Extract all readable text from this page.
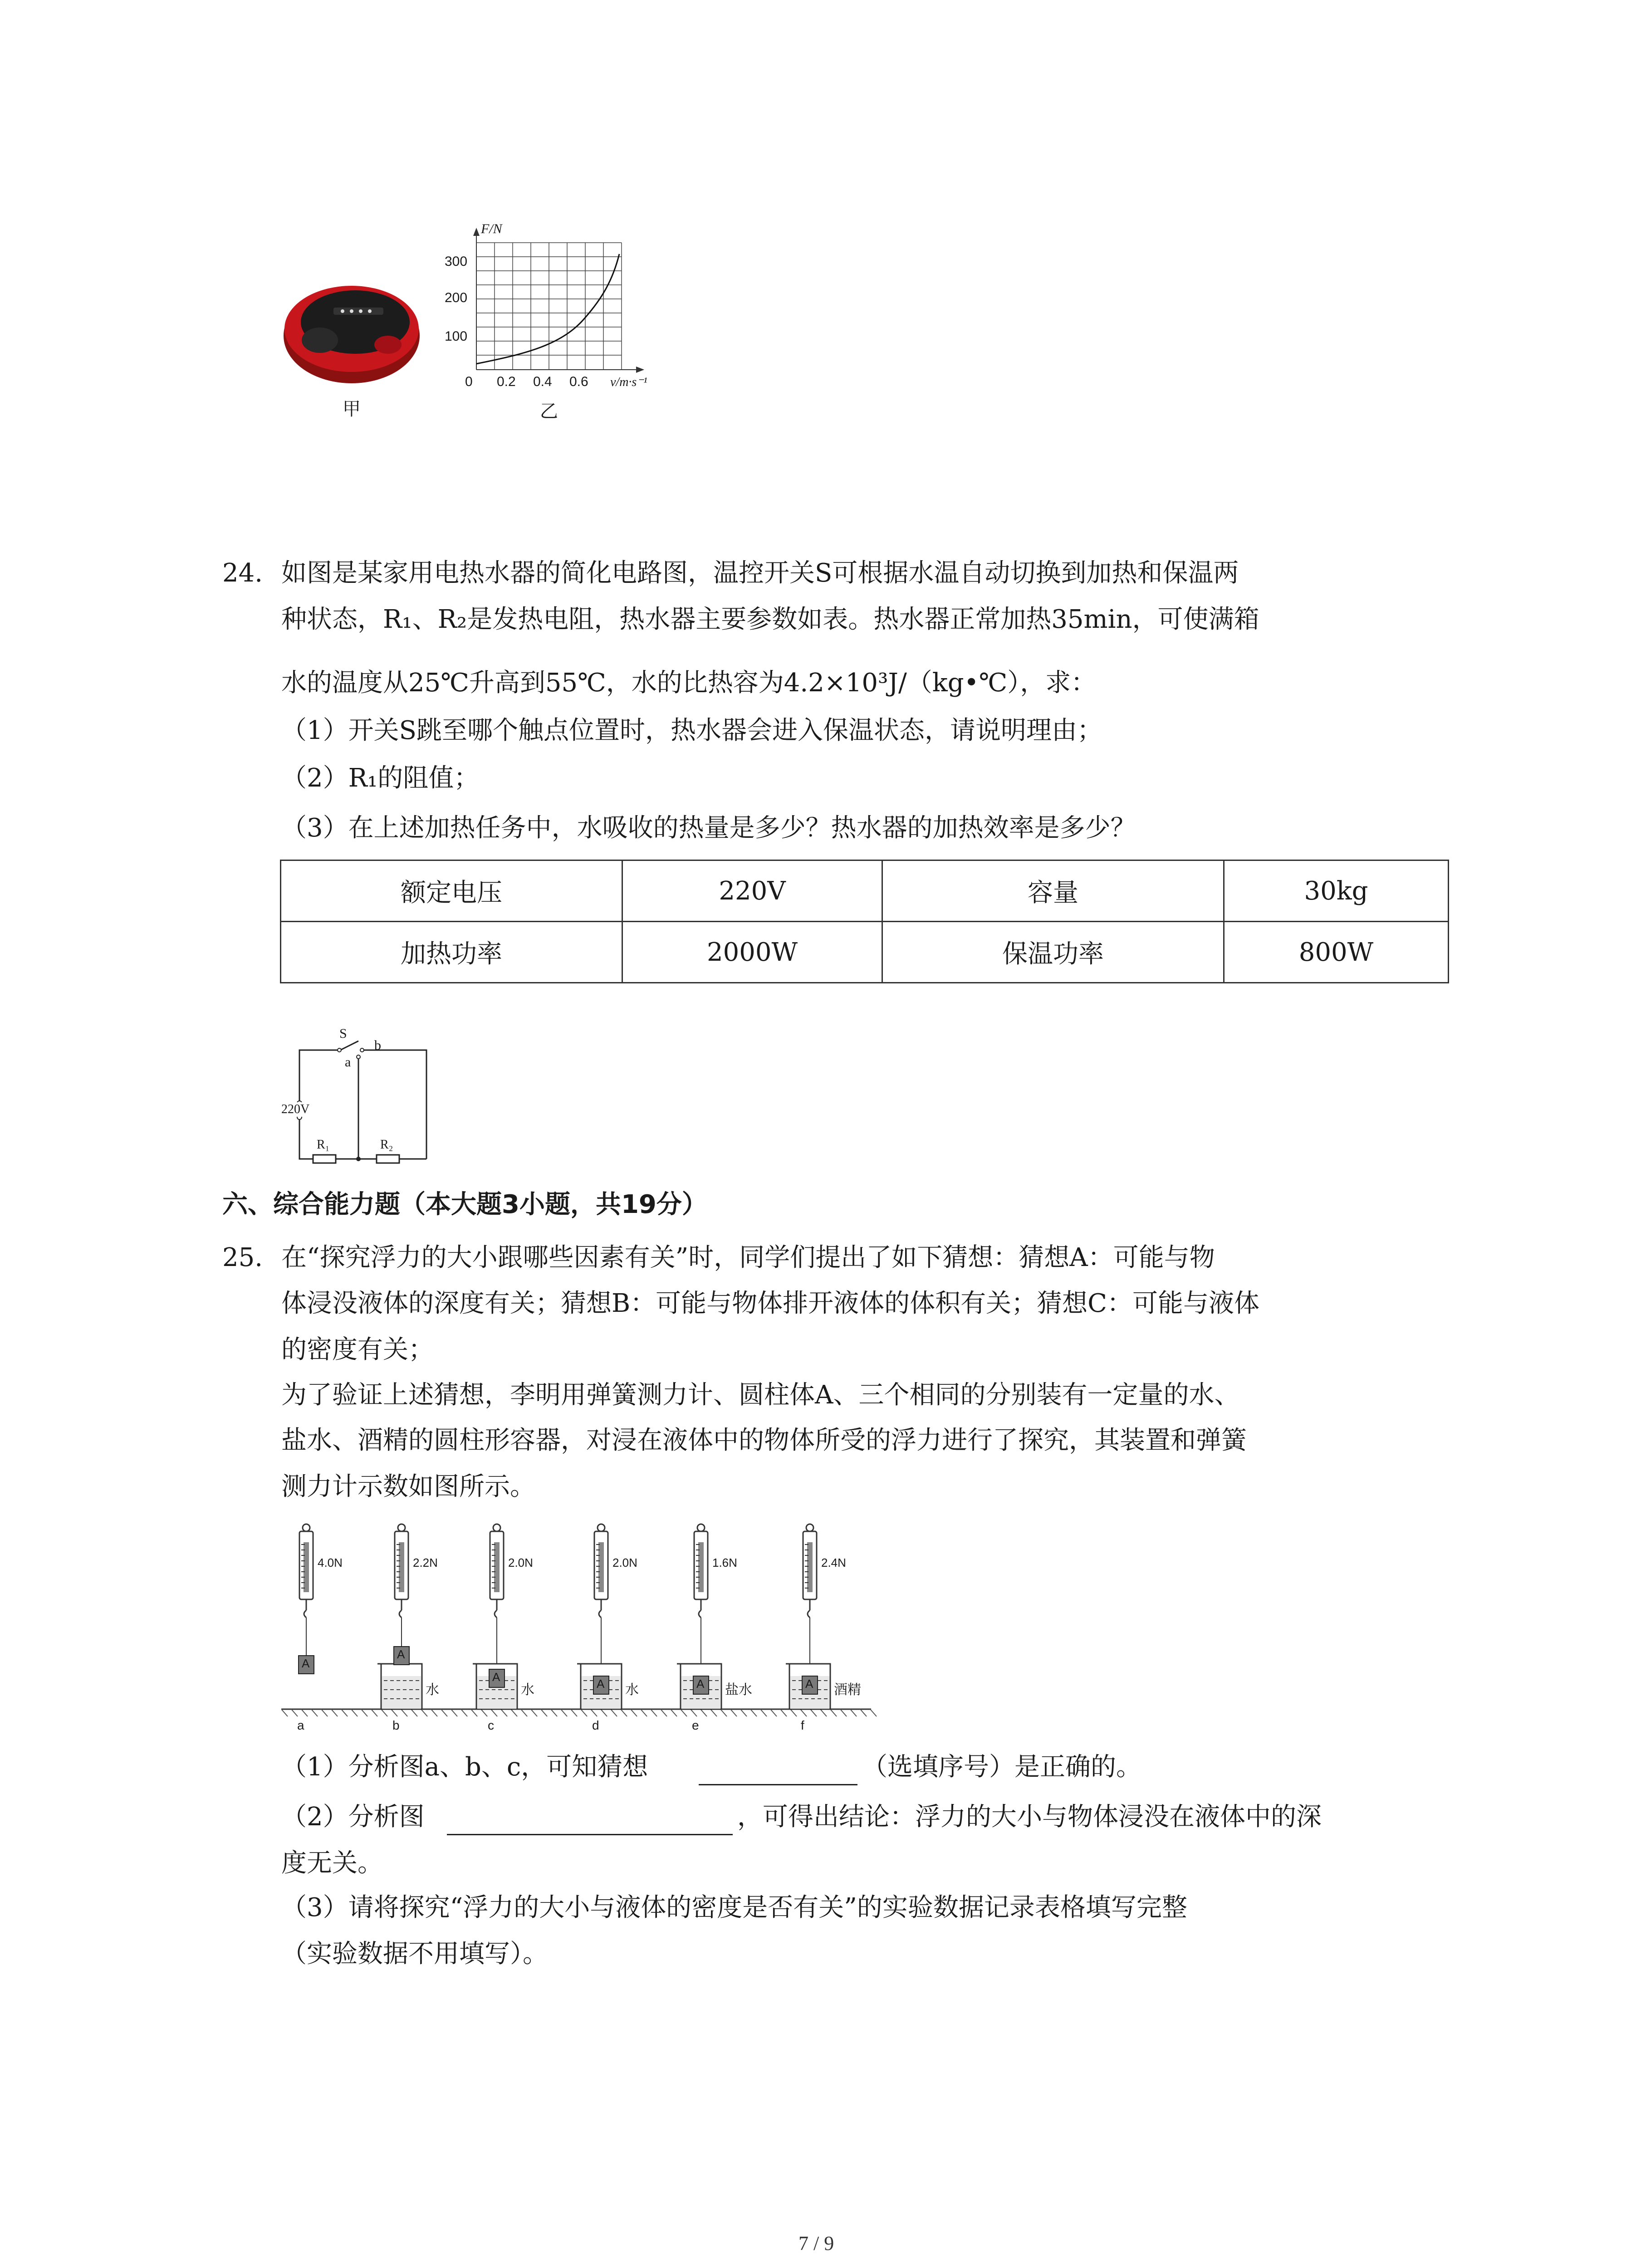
甲
F/N
300
200
100
0 0.2 0.4 0.6 v/m·s⁻¹
乙
24. 如图是某家用电热水器的简化电路图，温控开关S可根据水温自动切换到加热和保温两
种状态，R₁、R₂是发热电阻，热水器主要参数如表。热水器正常加热35min，可使满箱
水的温度从25℃升高到55℃，水的比热容为4.2×10³J/（kg•℃），求：
（1）开关S跳至哪个触点位置时，热水器会进入保温状态，请说明理由；
（2）R₁的阻值；
（3）在上述加热任务中，水吸收的热量是多少？热水器的加热效率是多少？
额定电压	220V	容量	30kg
加热功率	2000W	保温功率	800W
S
b
a
220V
R₁	R₂
六、综合能力题（本大题3小题，共19分）
25. 在“探究浮力的大小跟哪些因素有关”时，同学们提出了如下猜想：猜想A：可能与物
体浸没液体的深度有关；猜想B：可能与物体排开液体的体积有关；猜想C：可能与液体
的密度有关；
为了验证上述猜想，李明用弹簧测力计、圆柱体A、三个相同的分别装有一定量的水、
盐水、酒精的圆柱形容器，对浸在液体中的物体所受的浮力进行了探究，其装置和弹簧
测力计示数如图所示。
A
4.0N
a
A
2.2N
水
b
A
2.0N
水
c
A
2.0N
水
d
A
1.6N
盐水
e
A
2.4N
酒精
f
（1）分析图a、b、c，可知猜想	（选填序号）是正确的。
（2）分析图	，可得出结论：浮力的大小与物体浸没在液体中的深
度无关。
（3）请将探究“浮力的大小与液体的密度是否有关”的实验数据记录表格填写完整
（实验数据不用填写）。
7 / 9
